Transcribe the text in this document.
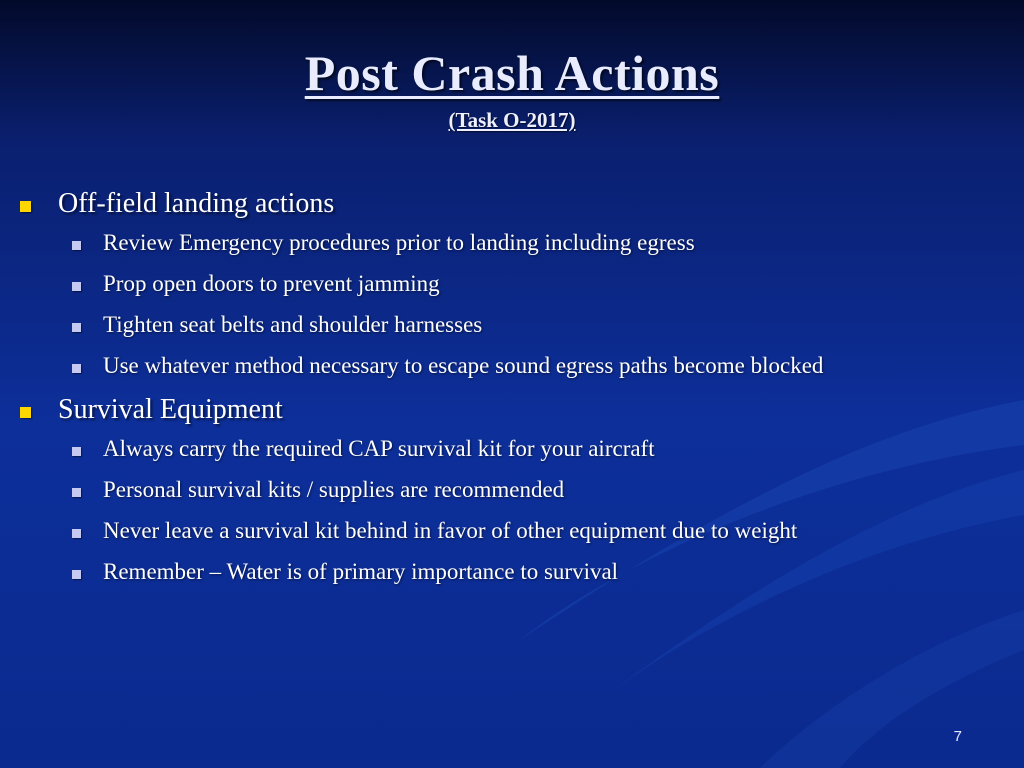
Post Crash Actions
(Task O-2017)
Off-field landing actions
Review Emergency procedures prior to landing including egress
Prop open doors to prevent jamming
Tighten seat belts and shoulder harnesses
Use whatever method necessary to escape sound egress paths become blocked
Survival Equipment
Always carry the required CAP survival kit for your aircraft
Personal survival kits / supplies are recommended
Never leave a survival kit behind in favor of other equipment due to weight
Remember – Water is of primary importance to survival
7
